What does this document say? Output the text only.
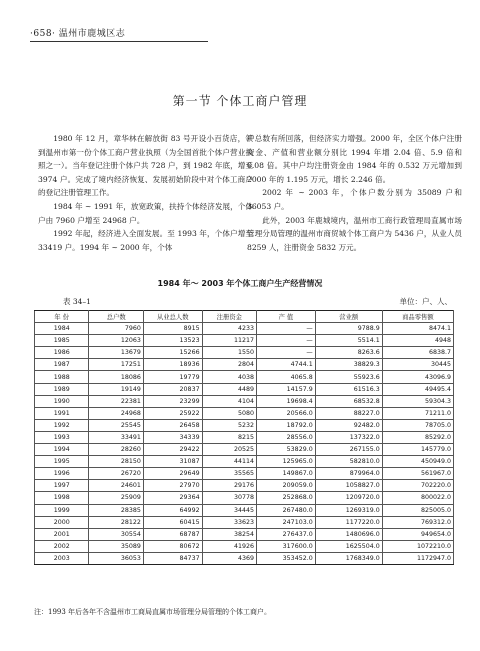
·658· 温州市鹿城区志
第一节 个体工商户管理

1980 年 12 月，章华林在解放街 83 号开设小百货店，领到温州市第一份个体工商户营业执照（为全国首批个体户营业执照之一）。当年登记注册个体户共 728 户，到 1982 年底，增至 3974 户。完成了境内经济恢复、发展初始阶段中对个体工商户的登记注册管理工作。

1984 年 ~ 1991 年，放宽政策，扶持个体经济发展，个体户由 7960 户增至 24968 户。

1992 年起，经济进入全面发展。至 1993 年，个体户增至 33419 户。1994 年 ~ 2000 年，个体

户总数有所回落，但经济实力增强。2000 年，全区个体户注册资金、产值和营业额分别比 1994 年增 2.04 倍、5.9 倍和 6.08 倍。其中户均注册资金由 1984 年的 0.532 万元增加到 2000 年的 1.195 万元，增长 2.246 倍。

2002 年 ~ 2003 年，个体户数分别为 35089 户和 36053 户。

此外，2003 年鹿城境内，温州市工商行政管理局直属市场管理分局管理的温州市商贸城个体工商户为 5436 户，从业人员 8259 人，注册资金 5832 万元。

1984 年～ 2003 年个体工商户生产经营情况
表 34–1	单位：户、人、
年 份	总户数	从业总人数	注册资金	产 值	营业额	商品零售额
1984	7960	8915	4233	—	9788.9	8474.1
1985	12063	13523	11217	—	5514.1	4948
1986	13679	15266	1550	—	8263.6	6838.7
1987	17251	18936	2804	4744.1	38829.3	30445
1988	18086	19779	4038	4065.8	55923.6	43096.9
1989	19149	20837	4489	14157.9	61516.3	49495.4
1990	22381	23299	4104	19698.4	68532.8	59304.3
1991	24968	25922	5080	20566.0	88227.0	71211.0
1992	25545	26458	5232	18792.0	92482.0	78705.0
1993	33491	34339	8215	28556.0	137322.0	85292.0
1994	28260	29422	20525	53829.0	267155.0	145779.0
1995	28150	31087	44114	125965.0	582810.0	450949.0
1996	26720	29649	35565	149867.0	879964.0	561967.0
1997	24601	27970	29176	209059.0	1058827.0	702220.0
1998	25909	29364	30778	252868.0	1209720.0	800022.0
1999	28385	64992	34445	267480.0	1269319.0	825005.0
2000	28122	60415	33623	247103.0	1177220.0	769312.0
2001	30554	68787	38254	276437.0	1480696.0	949654.0
2002	35089	80672	41926	317600.0	1625504.0	1072210.0
2003	36053	84737	4369	353452.0	1768349.0	1172947.0
注：1993 年后各年不含温州市工商局直属市场管理分局管理的个体工商户。
